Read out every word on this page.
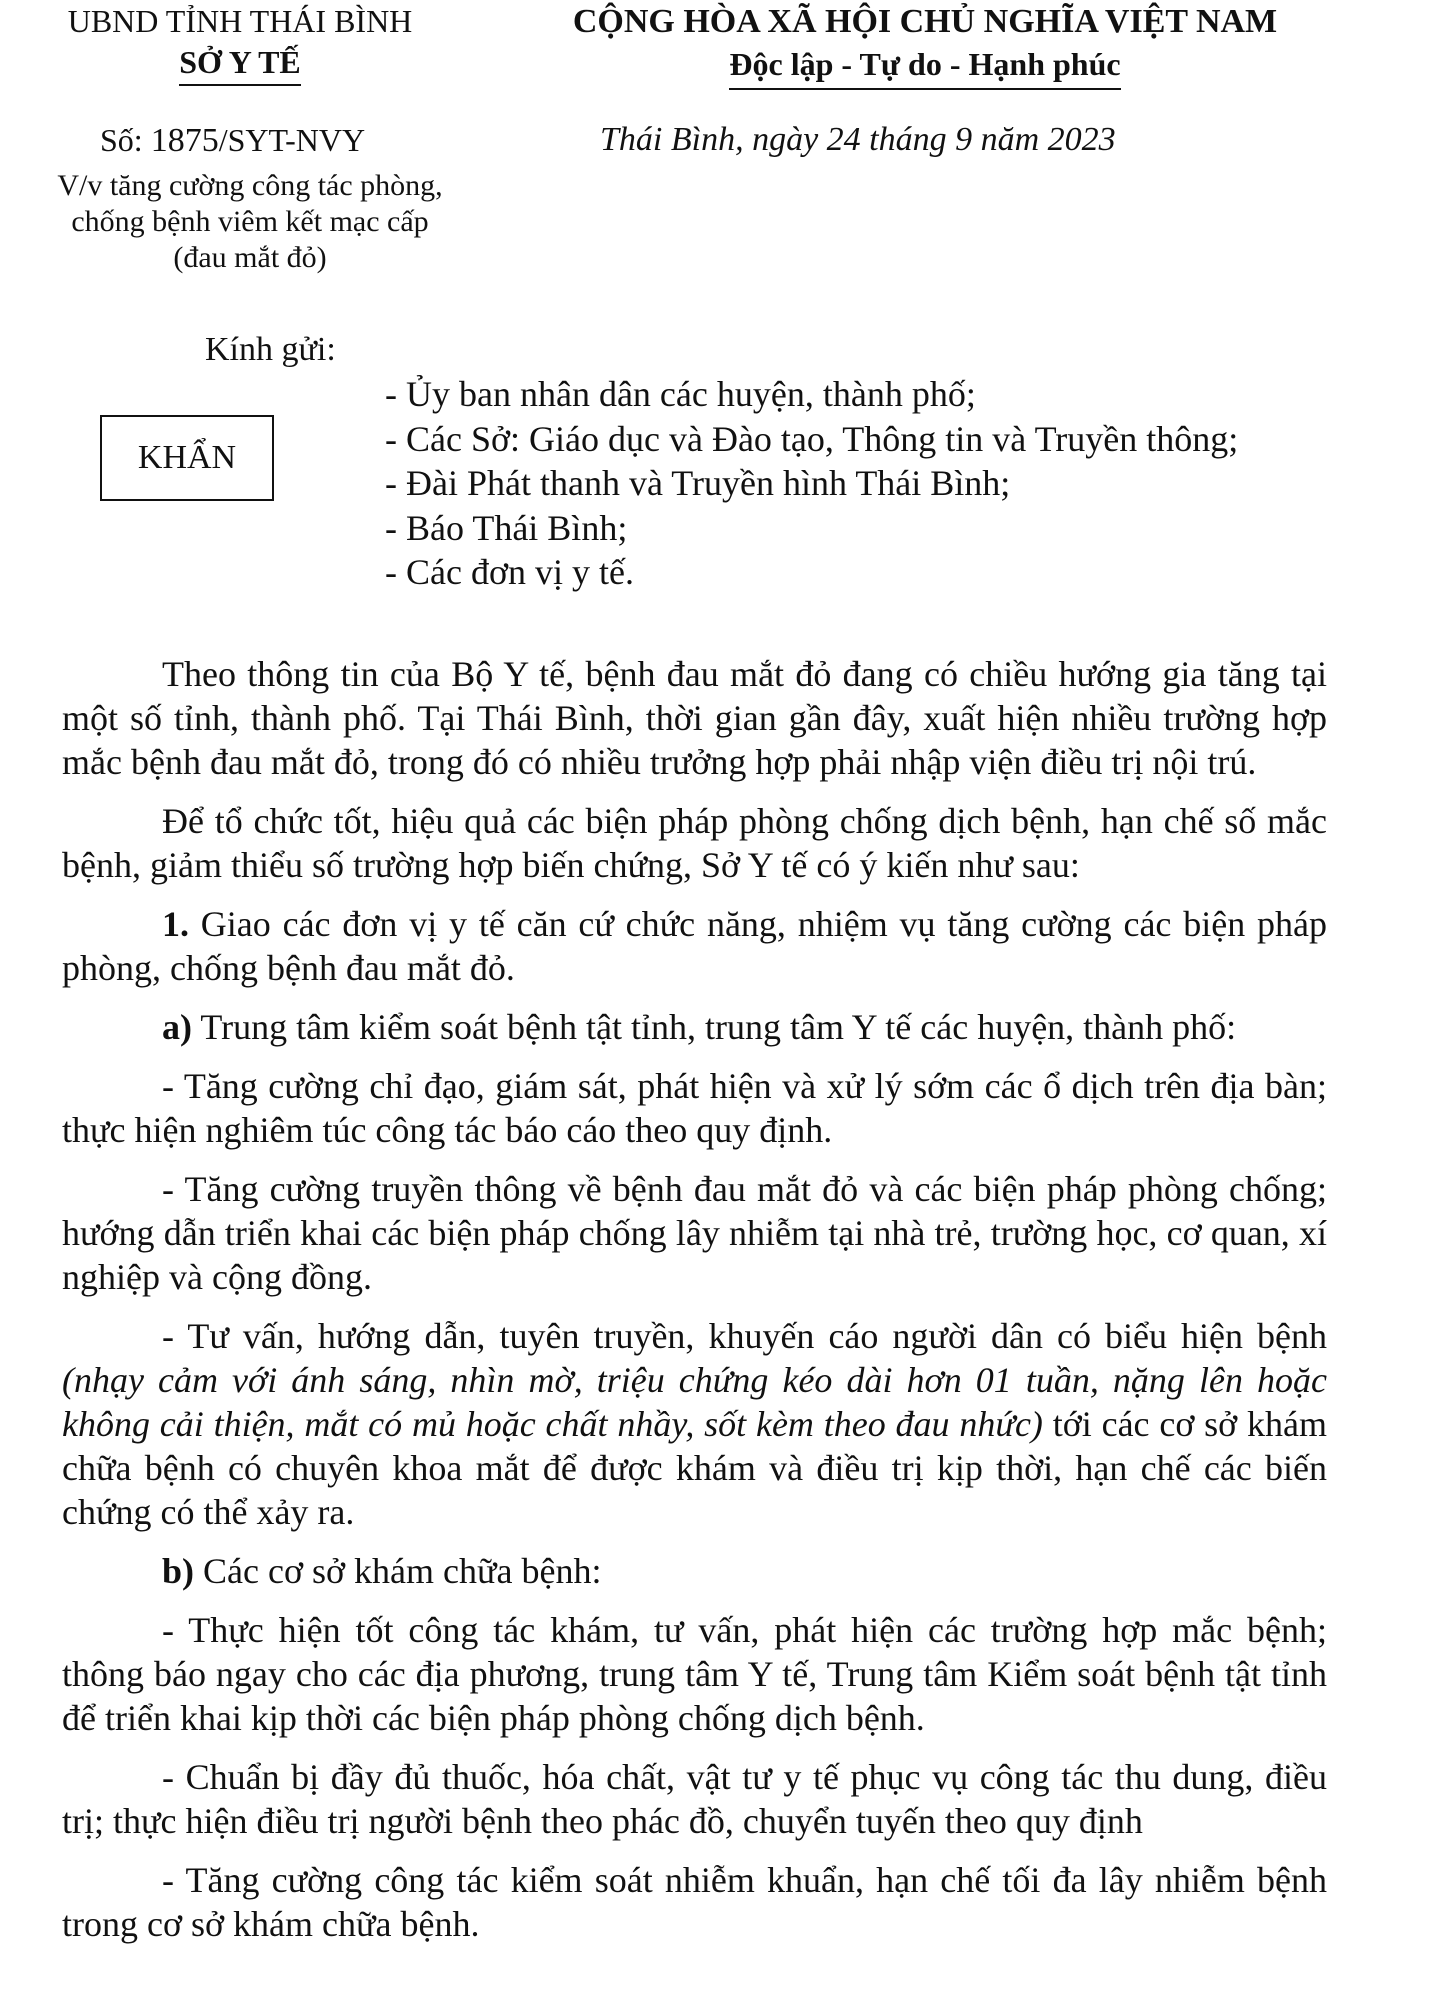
UBND TỈNH THÁI BÌNH
SỞ Y TẾ
CỘNG HÒA XÃ HỘI CHỦ NGHĨA VIỆT NAM
Độc lập - Tự do - Hạnh phúc
Số: 1875/SYT-NVY	Thái Bình, ngày 24 tháng 9 năm 2023
V/v tăng cường công tác phòng,
chống bệnh viêm kết mạc cấp
(đau mắt đỏ)
Kính gửi:
KHẨN
- Ủy ban nhân dân các huyện, thành phố;
- Các Sở: Giáo dục và Đào tạo, Thông tin và Truyền thông;
- Đài Phát thanh và Truyền hình Thái Bình;
- Báo Thái Bình;
- Các đơn vị y tế.

Theo thông tin của Bộ Y tế, bệnh đau mắt đỏ đang có chiều hướng gia tăng tại một số tỉnh, thành phố. Tại Thái Bình, thời gian gần đây, xuất hiện nhiều trường hợp mắc bệnh đau mắt đỏ, trong đó có nhiều trưởng hợp phải nhập viện điều trị nội trú.

Để tổ chức tốt, hiệu quả các biện pháp phòng chống dịch bệnh, hạn chế số mắc bệnh, giảm thiểu số trường hợp biến chứng, Sở Y tế có ý kiến như sau:

1. Giao các đơn vị y tế căn cứ chức năng, nhiệm vụ tăng cường các biện pháp phòng, chống bệnh đau mắt đỏ.

a) Trung tâm kiểm soát bệnh tật tỉnh, trung tâm Y tế các huyện, thành phố:

- Tăng cường chỉ đạo, giám sát, phát hiện và xử lý sớm các ổ dịch trên địa bàn; thực hiện nghiêm túc công tác báo cáo theo quy định.

- Tăng cường truyền thông về bệnh đau mắt đỏ và các biện pháp phòng chống; hướng dẫn triển khai các biện pháp chống lây nhiễm tại nhà trẻ, trường học, cơ quan, xí nghiệp và cộng đồng.

- Tư vấn, hướng dẫn, tuyên truyền, khuyến cáo người dân có biểu hiện bệnh (nhạy cảm với ánh sáng, nhìn mờ, triệu chứng kéo dài hơn 01 tuần, nặng lên hoặc không cải thiện, mắt có mủ hoặc chất nhầy, sốt kèm theo đau nhức) tới các cơ sở khám chữa bệnh có chuyên khoa mắt để được khám và điều trị kịp thời, hạn chế các biến chứng có thể xảy ra.

b) Các cơ sở khám chữa bệnh:

- Thực hiện tốt công tác khám, tư vấn, phát hiện các trường hợp mắc bệnh; thông báo ngay cho các địa phương, trung tâm Y tế, Trung tâm Kiểm soát bệnh tật tỉnh để triển khai kịp thời các biện pháp phòng chống dịch bệnh.

- Chuẩn bị đầy đủ thuốc, hóa chất, vật tư y tế phục vụ công tác thu dung, điều trị; thực hiện điều trị người bệnh theo phác đồ, chuyển tuyến theo quy định

- Tăng cường công tác kiểm soát nhiễm khuẩn, hạn chế tối đa lây nhiễm bệnh trong cơ sở khám chữa bệnh.
